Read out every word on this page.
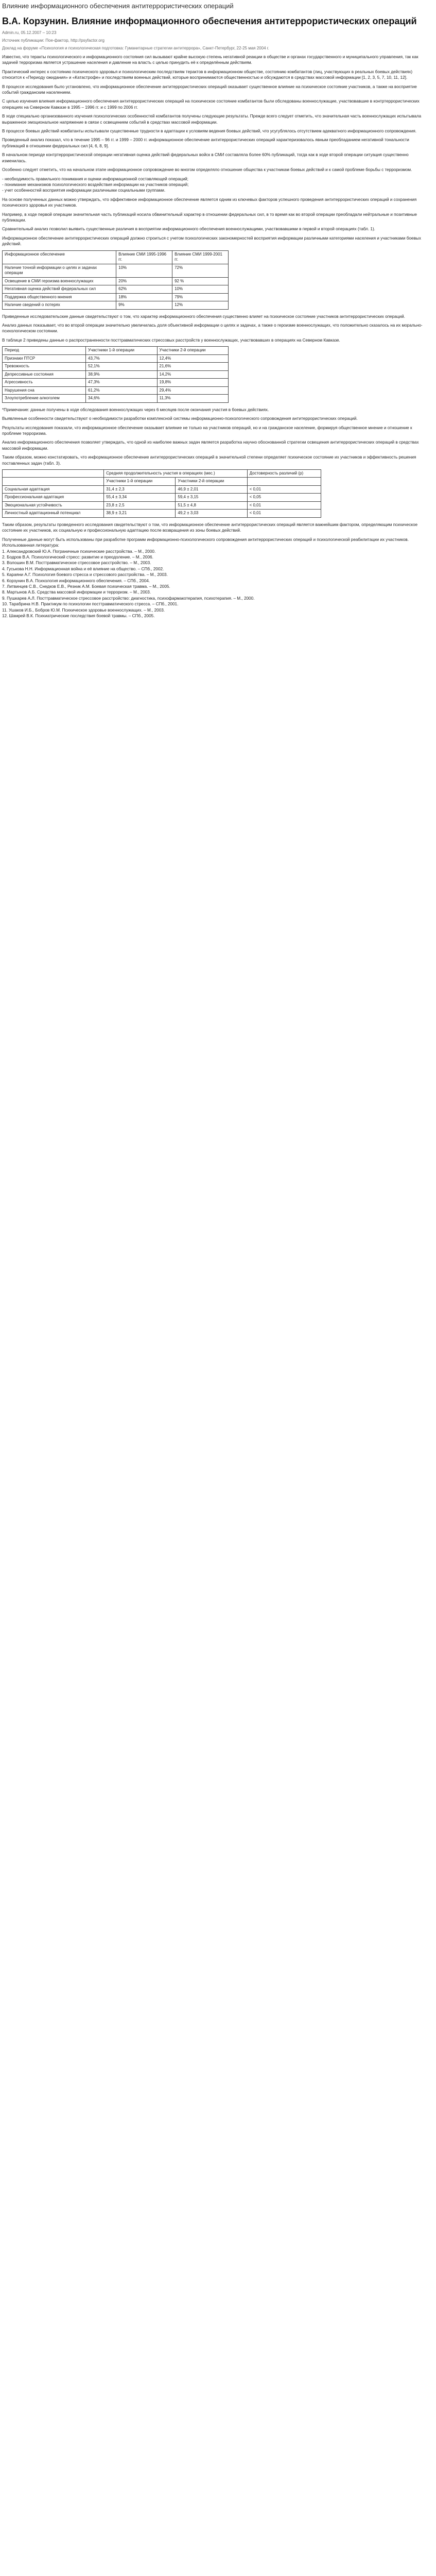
Влияние информационного обеспечения антитеррористических операций
В.А. Корзунин. Влияние информационного обеспечения антитеррористических операций

Admin.ru, 05.12.2007 – 10:23

Источник публикации: Пое-фактор, http://psyfactor.org

Доклад на форуме «Психология и психологическая подготовка: Гуманитарные стратегии антитеррора», Санкт-Петербург, 22-25 мая 2004 г.

Известно, что теракты психологического и информационного состояния сил вызывают крайне высокую степень негативной реакции в обществе и органах государственного и муниципального управления, так как задачей терроризма является устрашение населения и давление на власть с целью принудить её к определённым действиям.

Практический интерес к состоянию психического здоровья и психологическим последствиям терактов в информационном обществе, состоянию комбатантов (лиц, участвующих в реальных боевых действиях) относится к «Периоду ожидания» и «Катастрофе» и последствиям военных действий, которые воспринимаются общественностью и обсуждаются в средствах массовой информации [1, 2, 3, 5, 7, 10, 11, 12].

В процессе исследования было установлено, что информационное обеспечение антитеррористических операций оказывает существенное влияние на психическое состояние участников, а также на восприятие событий гражданским населением.

С целью изучения влияния информационного обеспечения антитеррористических операций на психическое состояние комбатантов были обследованы военнослужащие, участвовавшие в контртеррористических операциях на Северном Кавказе в 1995 – 1996 гг. и с 1999 по 2006 гг.

В ходе специально организованного изучения психологических особенностей комбатантов получены следующие результаты. Прежде всего следует отметить, что значительная часть военнослужащих испытывала выраженное эмоциональное напряжение в связи с освещением событий в средствах массовой информации.

В процессе боевых действий комбатанты испытывали существенные трудности в адаптации к условиям ведения боевых действий, что усугублялось отсутствием адекватного информационного сопровождения.

Проведенный анализ показал, что в течение 1995 – 96 гг. и 1999 – 2000 гг. информационное обеспечение антитеррористических операций характеризовалось явным преобладанием негативной тональности публикаций в отношении федеральных сил [4, 6, 8, 9].

В начальном периоде контртеррористической операции негативная оценка действий федеральных войск в СМИ составляла более 60% публикаций, тогда как в ходе второй операции ситуация существенно изменилась.

Особенно следует отметить, что на начальном этапе информационное сопровождение во многом определяло отношение общества к участникам боевых действий и к самой проблеме борьбы с терроризмом.

- необходимость правильного понимания и оценки информационной составляющей операций;

- понимание механизмов психологического воздействия информации на участников операций;

- учет особенностей восприятия информации различными социальными группами.

На основе полученных данных можно утверждать, что эффективное информационное обеспечение является одним из ключевых факторов успешного проведения антитеррористических операций и сохранения психического здоровья их участников.

Например, в ходе первой операции значительная часть публикаций носила обвинительный характер в отношении федеральных сил, в то время как во второй операции преобладали нейтральные и позитивные публикации.

Сравнительный анализ позволил выявить существенные различия в восприятии информационного обеспечения военнослужащими, участвовавшими в первой и второй операциях (табл. 1).

Информационное обеспечение антитеррористических операций должно строиться с учетом психологических закономерностей восприятия информации различными категориями населения и участниками боевых действий.

Информационное обеспечение	Влияние СМИ 1995-1996 гг.	Влияние СМИ 1999-2001 гг.
Наличие точной информации о целях и задачах операции	10%	72%
Освещение в СМИ героизма военнослужащих	20%	92 %
Негативная оценка действий федеральных сил	62%	10%
Поддержка общественного мнения	18%	79%
Наличие сведений о потерях	9%	12%

Приведенные исследовательские данные свидетельствуют о том, что характер информационного обеспечения существенно влияет на психическое состояние участников антитеррористических операций.

Анализ данных показывает, что во второй операции значительно увеличилась доля объективной информации о целях и задачах, а также о героизме военнослужащих, что положительно сказалось на их морально-психологическом состоянии.

В таблице 2 приведены данные о распространенности посттравматических стрессовых расстройств у военнослужащих, участвовавших в операциях на Северном Кавказе.

Период	Участники 1-й операции	Участники 2-й операции
Признаки ПТСР	43,7%	12,4%
Тревожность	52,1%	21,6%
Депрессивные состояния	38,9%	14,2%
Агрессивность	47,3%	19,8%
Нарушения сна	61,2%	29,4%
Злоупотребление алкоголем	34,6%	11,3%

*Примечание: данные получены в ходе обследования военнослужащих через 6 месяцев после окончания участия в боевых действиях.

Выявленные особенности свидетельствуют о необходимости разработки комплексной системы информационно-психологического сопровождения антитеррористических операций.

Результаты исследования показали, что информационное обеспечение оказывает влияние не только на участников операций, но и на гражданское население, формируя общественное мнение и отношение к проблеме терроризма.

Анализ информационного обеспечения позволяет утверждать, что одной из наиболее важных задач является разработка научно обоснованной стратегии освещения антитеррористических операций в средствах массовой информации.

Таким образом, можно констатировать, что информационное обеспечение антитеррористических операций в значительной степени определяет психическое состояние их участников и эффективность решения поставленных задач (табл. 3).

	Средняя продолжительность участия в операциях (мес.)		Достоверность различий (p)
	Участники 1-й операции	Участники 2-й операции	
Социальная адаптация	31,4 ± 2,3	46,9 ± 2,01	< 0,01
Профессиональная адаптация	55,4 ± 3,34	59,4 ± 3,15	< 0,05
Эмоциональная устойчивость	23,8 ± 2,5	51,5 ± 4,8	< 0,01
Личностный адаптационный потенциал	38,9 ± 3,21	49,2 ± 3,03	< 0,01

Таким образом, результаты проведенного исследования свидетельствуют о том, что информационное обеспечение антитеррористических операций является важнейшим фактором, определяющим психическое состояние их участников, их социальную и профессиональную адаптацию после возвращения из зоны боевых действий.

Полученные данные могут быть использованы при разработке программ информационно-психологического сопровождения антитеррористических операций и психологической реабилитации их участников.

Использованная литература:

1. Александровский Ю.А. Пограничные психические расстройства. – М., 2000.

2. Бодров В.А. Психологический стресс: развитие и преодоление. – М., 2006.

3. Волошин В.М. Посттравматическое стрессовое расстройство. – М., 2003.

4. Гуськова Н.Н. Информационная война и её влияние на общество. – СПб., 2002.

5. Караяни А.Г. Психология боевого стресса и стрессового расстройства. – М., 2003.

6. Корзунин В.А. Психология информационного обеспечения. – СПб., 2004.

7. Литвинцев С.В., Снедков Е.В., Резник А.М. Боевая психическая травма. – М., 2005.

8. Мартынов А.Б. Средства массовой информации и терроризм. – М., 2003.

9. Пушкарев А.Л. Посттравматическое стрессовое расстройство: диагностика, психофармакотерапия, психотерапия. – М., 2000.

10. Тарабрина Н.В. Практикум по психологии посттравматического стресса. – СПб., 2001.

11. Ушаков И.Б., Бобров Ю.М. Психическое здоровье военнослужащих. – М., 2003.

12. Шамрей В.К. Психиатрические последствия боевой травмы. – СПб., 2005.
